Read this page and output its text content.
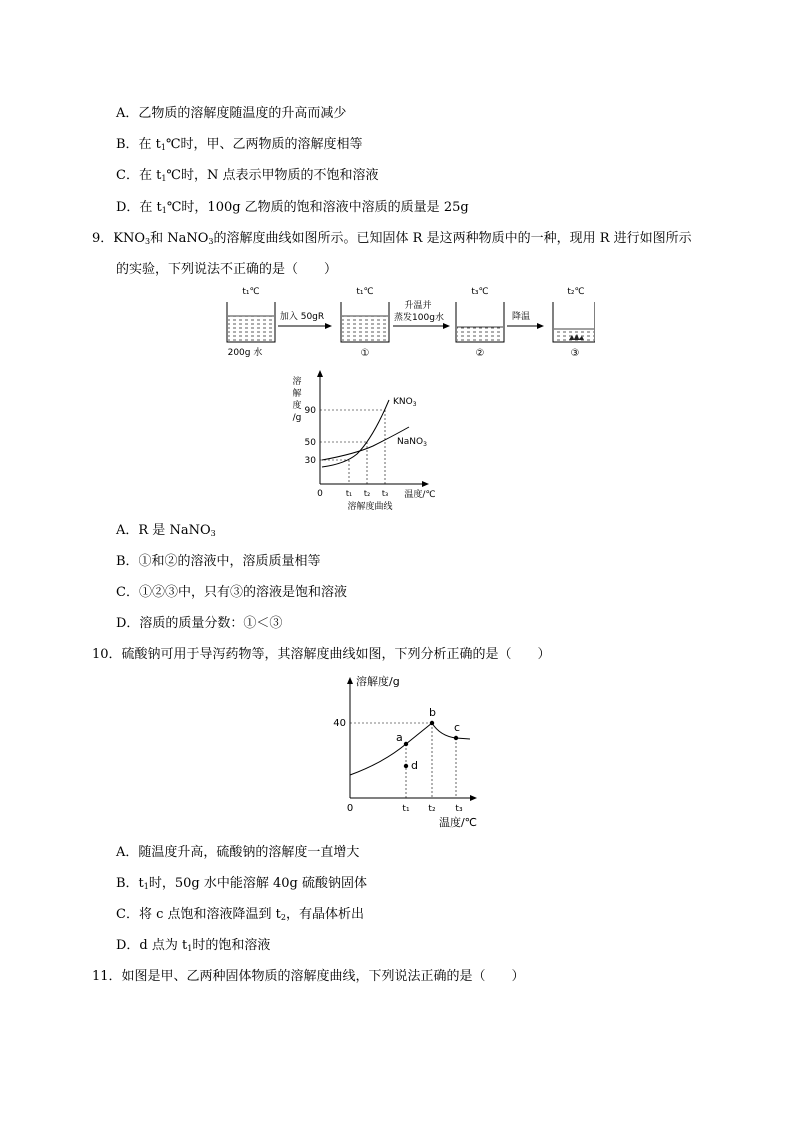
A．乙物质的溶解度随温度的升高而减少
B．在 $t_1℃$时，甲、乙两物质的溶解度相等
C．在 $t_1℃$时，N 点表示甲物质的不饱和溶液
D．在 $t_1℃$时，100g 乙物质的饱和溶液中溶质的质量是 25g
9．$KNO_3$和 NaNO$_3$的溶解度曲线如图所示。已知固体 R 是这两种物质中的一种，现用 R 进行如图所示
的实验，下列说法不正确的是（　　）
t₁℃
200g 水
加入 50gR
t₁℃
①
升温并
蒸发100g水
t₃℃
②
降温
t₂℃
③
溶
解
度
/g
90
50
30
0	t₁ t₂ t₃ 温度/℃
$KNO_3$
NaNO$_3$
溶解度曲线
A．R 是 NaNO$_3$
B．①和②的溶液中，溶质质量相等
C．①②③中，只有③的溶液是饱和溶液
D．溶质的质量分数：①＜③
10．硫酸钠可用于导泻药物等，其溶解度曲线如图，下列分析正确的是（　　）
溶解度/g
a
b
c
d
40
0	t₁ t₂ t₃
温度/℃
A．随温度升高，硫酸钠的溶解度一直增大
B．$t_1$时，50g 水中能溶解 40g 硫酸钠固体
C．将 c 点饱和溶液降温到 $t_2$，有晶体析出
D．d 点为 $t_1$时的饱和溶液
11．如图是甲、乙两种固体物质的溶解度曲线，下列说法正确的是（　　）
